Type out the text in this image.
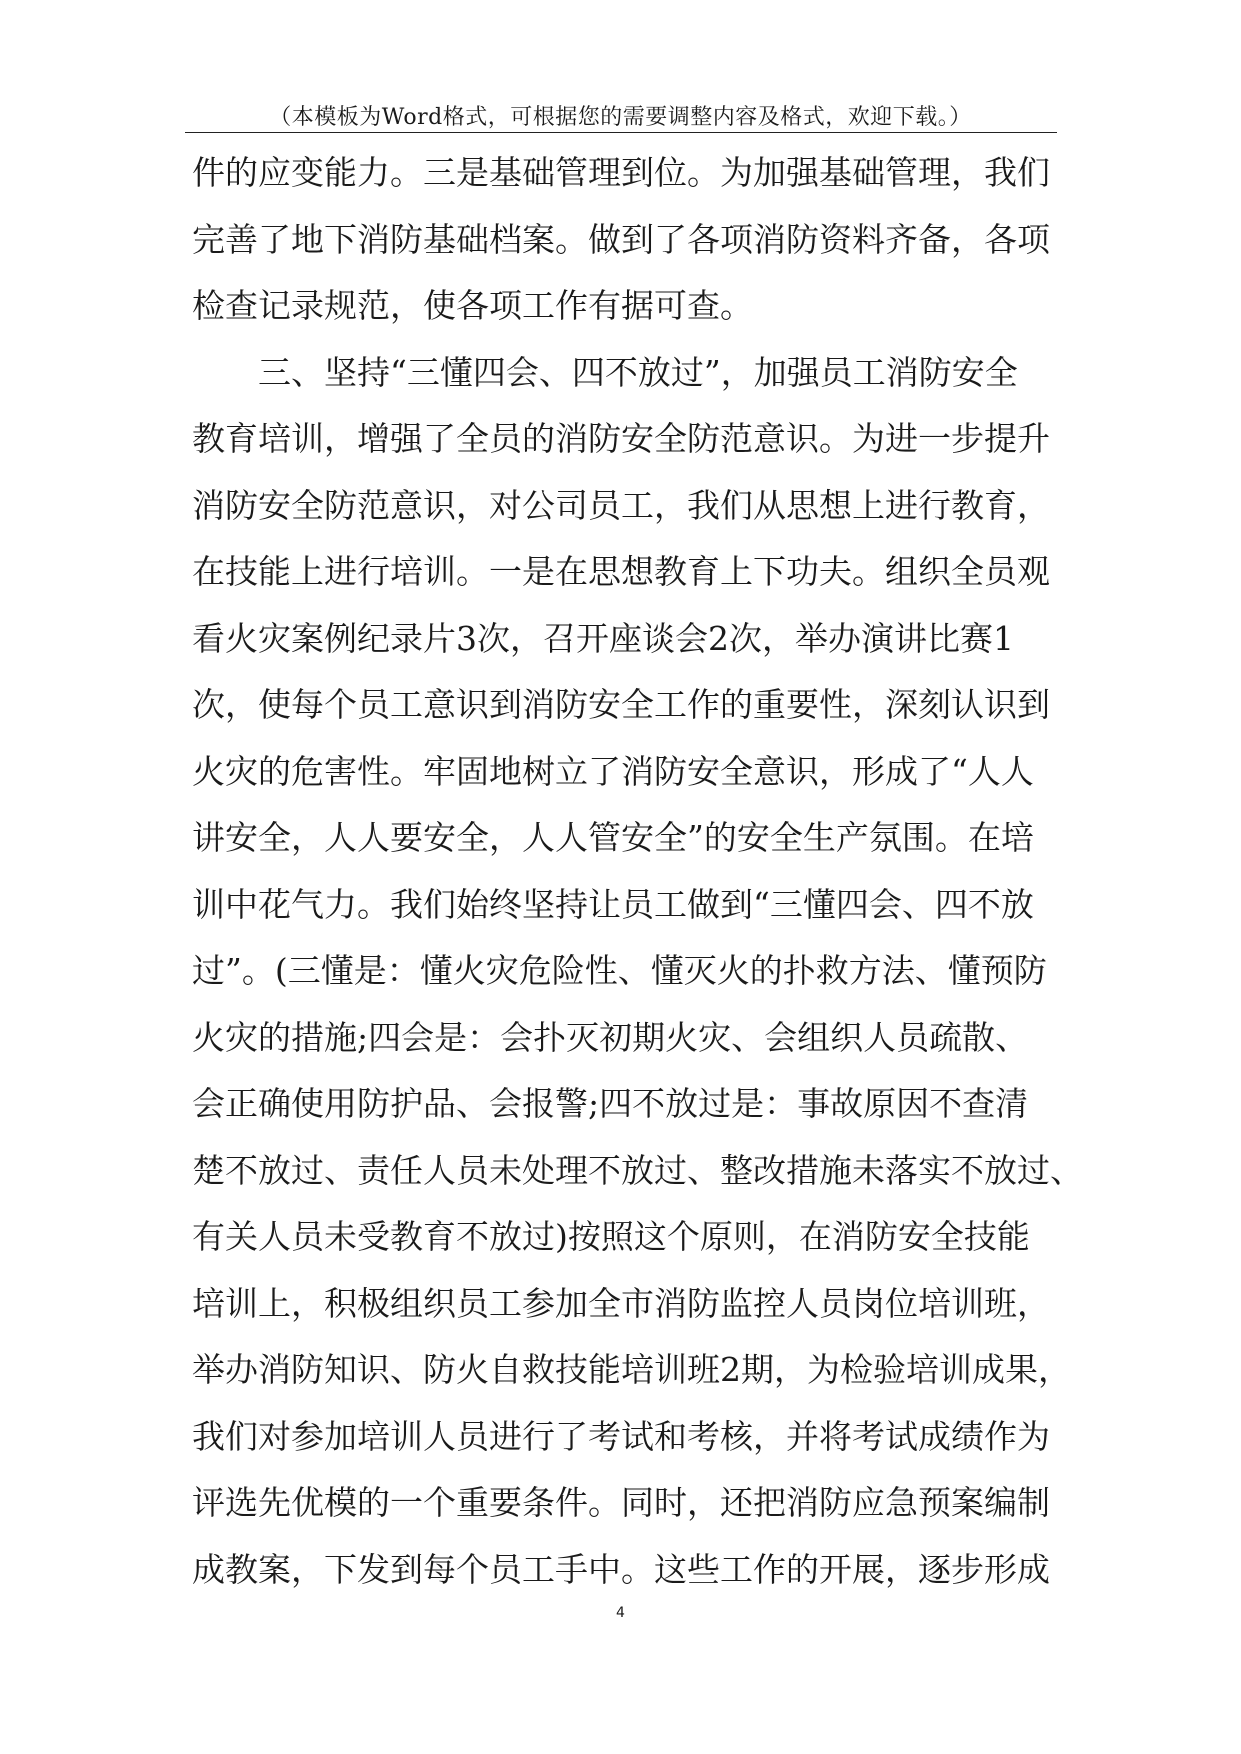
（本模板为Word格式，可根据您的需要调整内容及格式，欢迎下载。）
件的应变能力。三是基础管理到位。为加强基础管理，我们
完善了地下消防基础档案。做到了各项消防资料齐备，各项
检查记录规范，使各项工作有据可查。
三、坚持“三懂四会、四不放过”，加强员工消防安全
教育培训，增强了全员的消防安全防范意识。为进一步提升
消防安全防范意识，对公司员工，我们从思想上进行教育，
在技能上进行培训。一是在思想教育上下功夫。组织全员观
看火灾案例纪录片3次，召开座谈会2次，举办演讲比赛1
次，使每个员工意识到消防安全工作的重要性，深刻认识到
火灾的危害性。牢固地树立了消防安全意识，形成了“人人
讲安全，人人要安全，人人管安全”的安全生产氛围。在培
训中花气力。我们始终坚持让员工做到“三懂四会、四不放
过”。(三懂是：懂火灾危险性、懂灭火的扑救方法、懂预防
火灾的措施;四会是：会扑灭初期火灾、会组织人员疏散、
会正确使用防护品、会报警;四不放过是：事故原因不查清
楚不放过、责任人员未处理不放过、整改措施未落实不放过、
有关人员未受教育不放过)按照这个原则，在消防安全技能
培训上，积极组织员工参加全市消防监控人员岗位培训班，
举办消防知识、防火自救技能培训班2期，为检验培训成果，
我们对参加培训人员进行了考试和考核，并将考试成绩作为
评选先优模的一个重要条件。同时，还把消防应急预案编制
成教案，下发到每个员工手中。这些工作的开展，逐步形成
4
